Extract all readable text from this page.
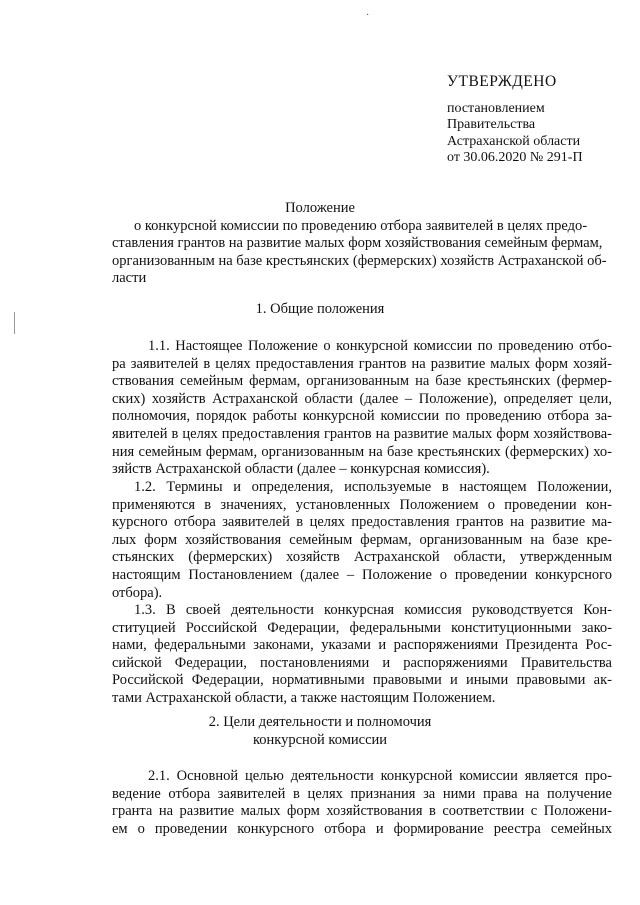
·
УТВЕРЖДЕНО
постановлением
Правительства
Астраханской области
от 30.06.2020 № 291-П
Положение
о конкурсной комиссии по проведению отбора заявителей в целях предо-
ставления грантов на развитие малых форм хозяйствования семейным фермам,
организованным на базе крестьянских (фермерских) хозяйств Астраханской об-
ласти
1. Общие положения
1.1. Настоящее Положение о конкурсной комиссии по проведению отбо-
ра заявителей в целях предоставления грантов на развитие малых форм хозяй-
ствования семейным фермам, организованным на базе крестьянских (фермер-
ских) хозяйств Астраханской области (далее – Положение), определяет цели,
полномочия, порядок работы конкурсной комиссии по проведению отбора за-
явителей в целях предоставления грантов на развитие малых форм хозяйствова-
ния семейным фермам, организованным на базе крестьянских (фермерских) хо-
зяйств Астраханской области (далее – конкурсная комиссия).
1.2. Термины и определения, используемые в настоящем Положении,
применяются в значениях, установленных Положением о проведении кон-
курсного отбора заявителей в целях предоставления грантов на развитие ма-
лых форм хозяйствования семейным фермам, организованным на базе кре-
стьянских (фермерских) хозяйств Астраханской области, утвержденным
настоящим Постановлением (далее – Положение о проведении конкурсного
отбора).
1.3. В своей деятельности конкурсная комиссия руководствуется Кон-
ституцией Российской Федерации, федеральными конституционными зако-
нами, федеральными законами, указами и распоряжениями Президента Рос-
сийской Федерации, постановлениями и распоряжениями Правительства
Российской Федерации, нормативными правовыми и иными правовыми ак-
тами Астраханской области, а также настоящим Положением.
2. Цели деятельности и полномочия
конкурсной комиссии
2.1. Основной целью деятельности конкурсной комиссии является про-
ведение отбора заявителей в целях признания за ними права на получение
гранта на развитие малых форм хозяйствования в соответствии с Положени-
ем о проведении конкурсного отбора и формирование реестра семейных
